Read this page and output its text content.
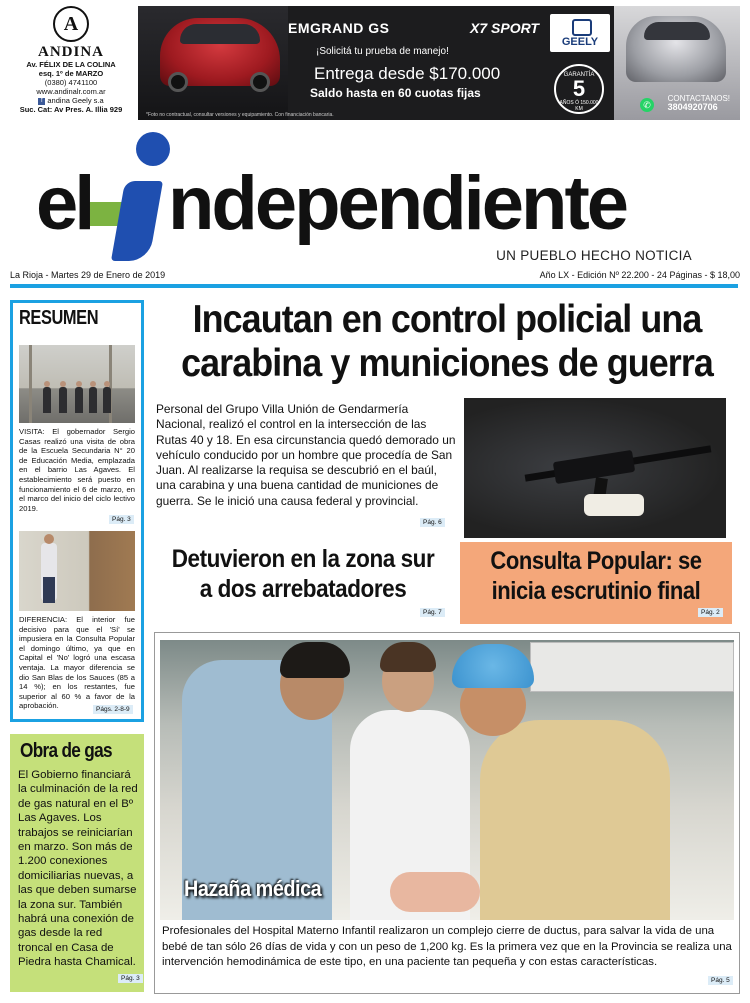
A
ANDINA
Av. FÉLIX DE LA COLINA
esq. 1º de MARZO
(0380) 4741100
www.andinalr.com.ar
f andina Geely s.a
Suc. Cat: Av Pres. A. Illia 929
EMGRAND GS	X7 SPORT
GEELY
¡Solicitá tu prueba de manejo!
Entrega desde $170.000
Saldo hasta en 60 cuotas fijas
GARANTÍA
5
AÑOS Ó 150.000 KM	✆
CONTACTANOS!
3804920706
*Foto no contractual, consultar versiones y equipamiento. Con financiación bancaria.
el ndependiente
UN PUEBLO HECHO NOTICIA
La Rioja - Martes 29 de Enero de 2019	Año LX - Edición Nº 22.200 - 24 Páginas - $ 18,00
RESUMEN
VISITA: El gobernador Sergio Casas realizó una visita de obra de la Escuela Secundaria N° 20 de Educación Media, emplazada en el barrio Las Agaves. El establecimiento será puesto en funcionamiento el 6 de marzo, en el marco del inicio del ciclo lectivo 2019.
Pág. 3
DIFERENCIA: El interior fue decisivo para que el 'Sí' se impusiera en la Consulta Popular el domingo último, ya que en Capital el 'No' logró una escasa ventaja. La mayor diferencia se dio San Blas de los Sauces (85 a 14 %); en los restantes, fue superior al 60 % a favor de la aprobación.	Págs. 2-8-9
Obra de gas
El Gobierno financiará la culminación de la red de gas natural en el Bº Las Agaves. Los trabajos se reiniciarían en marzo. Son más de 1.200 conexiones domiciliarias nuevas, a las que deben sumarse la zona sur. También habrá una conexión de gas desde la red troncal en Casa de Piedra hasta Chamical.
Pág. 3
Incautan en control policial una carabina y municiones de guerra
Personal del Grupo Villa Unión de Gendarmería Nacional, realizó el control en la intersección de las Rutas 40 y 18. En esa circunstancia quedó demorado un vehículo conducido por un hombre que procedía de San Juan. Al realizarse la requisa se descubrió en el baúl, una carabina y una buena cantidad de municiones de guerra. Se le inició una causa federal y provincial.
Pág. 6
Detuvieron en la zona sur a dos arrebatadores
Pág. 7
Consulta Popular: se inicia escrutinio final
Pág. 2
Hazaña médica
Profesionales del Hospital Materno Infantil realizaron un complejo cierre de ductus, para salvar la vida de una bebé de tan sólo 26 días de vida y con un peso de 1,200 kg. Es la primera vez que en la Provincia se realiza una intervención hemodinámica de este tipo, en una paciente tan pequeña y con estas características.
Pág. 5
